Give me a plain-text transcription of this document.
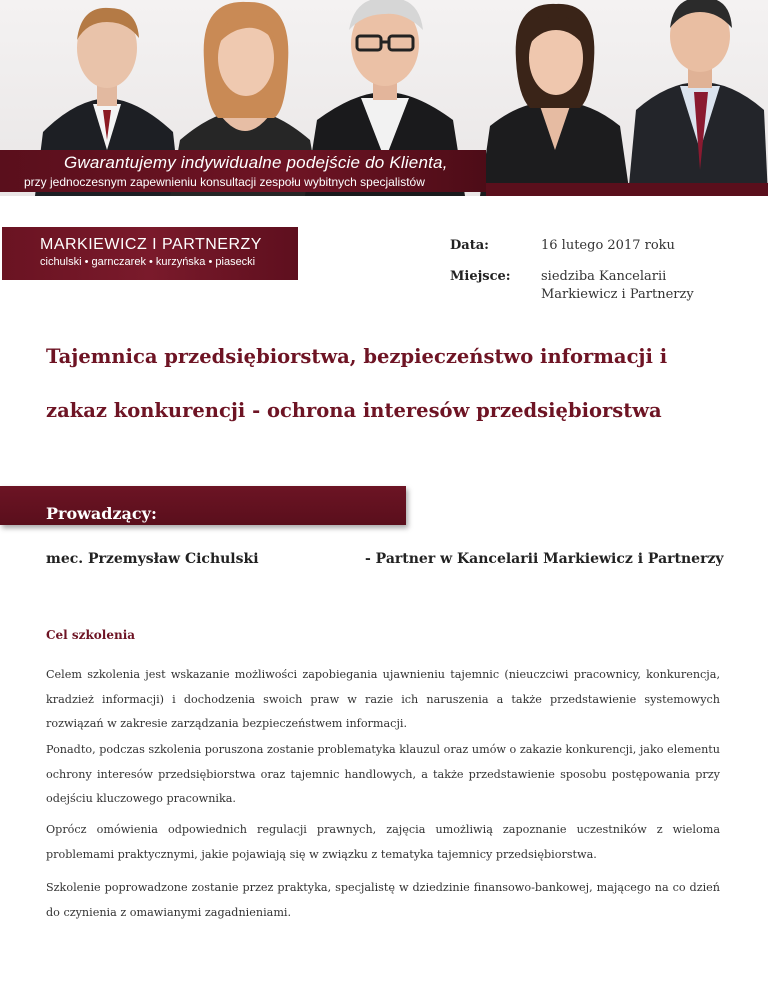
Gwarantujemy indywidualne podejście do Klienta,
przy jednoczesnym zapewnieniu konsultacji zespołu wybitnych specjalistów
MARKIEWICZ I PARTNERZY
cichulski • garnczarek • kurzyńska • piasecki
Data:	16 lutego 2017 roku
Miejsce: siedziba Kancelarii
Markiewicz i Partnerzy
Tajemnica przedsiębiorstwa, bezpieczeństwo informacji i
zakaz konkurencji - ochrona interesów przedsiębiorstwa
Prowadzący:
mec. Przemysław Cichulski	- Partner w Kancelarii Markiewicz i Partnerzy
Cel szkolenia
Celem szkolenia jest wskazanie możliwości zapobiegania ujawnieniu tajemnic (nieuczciwi pracownicy, konkurencja, kradzież informacji) i dochodzenia swoich praw w razie ich naruszenia a także przedstawienie systemowych rozwiązań w zakresie zarządzania bezpieczeństwem informacji.
Ponadto, podczas szkolenia poruszona zostanie problematyka klauzul oraz umów o zakazie konkurencji, jako elementu ochrony interesów przedsiębiorstwa oraz tajemnic handlowych, a także przedstawienie sposobu postępowania przy odejściu kluczowego pracownika.
Oprócz omówienia odpowiednich regulacji prawnych, zajęcia umożliwią zapoznanie uczestników z wieloma problemami praktycznymi, jakie pojawiają się w związku z tematyka tajemnicy przedsiębiorstwa.
Szkolenie poprowadzone zostanie przez praktyka, specjalistę w dziedzinie finansowo-bankowej, mającego na co dzień do czynienia z omawianymi zagadnieniami.
